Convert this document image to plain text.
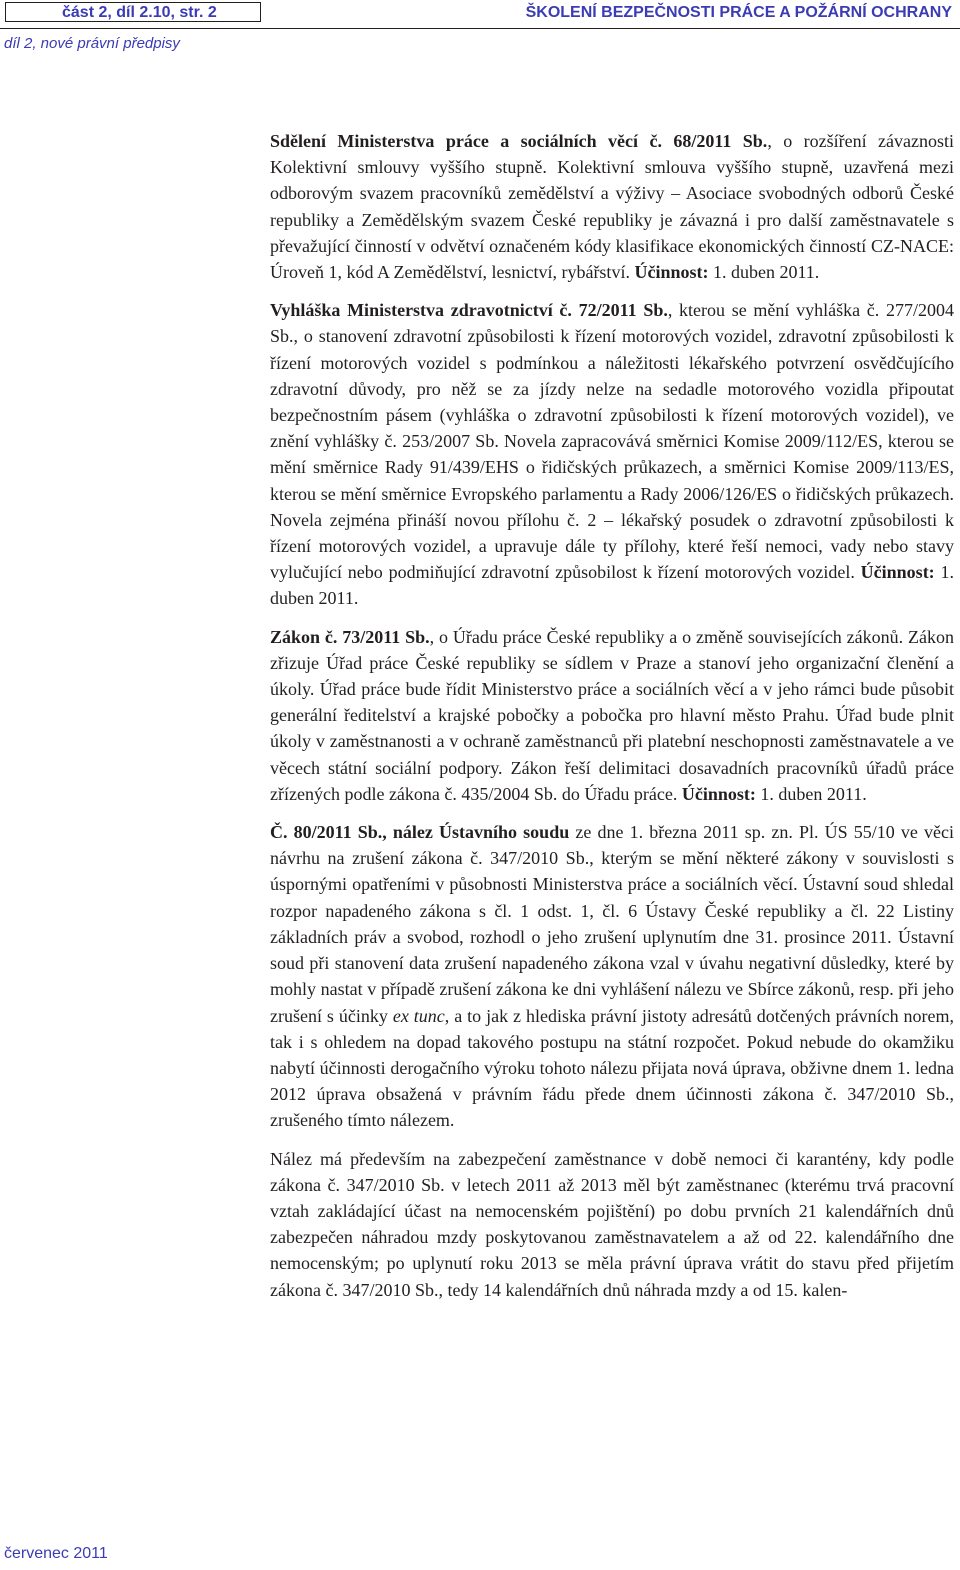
část 2, díl 2.10, str. 2	ŠKOLENÍ BEZPEČNOSTI PRÁCE A POŽÁRNÍ OCHRANY
díl 2, nové právní předpisy

Sdělení Ministerstva práce a sociálních věcí č. 68/2011 Sb., o rozšíření závaznosti Kolektivní smlouvy vyššího stupně. Kolektivní smlouva vyššího stupně, uzavřená mezi odborovým svazem pracovníků zemědělství a výživy – Asociace svobodných odborů České republiky a Zemědělským svazem České republiky je závazná i pro další zaměstnavatele s převažující činností v odvětví označeném kódy klasifikace ekonomických činností CZ-NACE: Úroveň 1, kód A Zemědělství, lesnictví, rybářství. Účinnost: 1. duben 2011.

Vyhláška Ministerstva zdravotnictví č. 72/2011 Sb., kterou se mění vyhláška č. 277/2004 Sb., o stanovení zdravotní způsobilosti k řízení motorových vozidel, zdravotní způsobilosti k řízení motorových vozidel s podmínkou a náležitosti lékařského potvrzení osvědčujícího zdravotní důvody, pro něž se za jízdy nelze na sedadle motorového vozidla připoutat bezpečnostním pásem (vyhláška o zdravotní způsobilosti k řízení motorových vozidel), ve znění vyhlášky č. 253/2007 Sb. Novela zapracovává směrnici Komise 2009/112/ES, kterou se mění směrnice Rady 91/439/EHS o řidičských průkazech, a směrnici Komise 2009/113/ES, kterou se mění směrnice Evropského parlamentu a Rady 2006/126/ES o řidičských průkazech. Novela zejména přináší novou přílohu č. 2 – lékařský posudek o zdravotní způsobilosti k řízení motorových vozidel, a upravuje dále ty přílohy, které řeší nemoci, vady nebo stavy vylučující nebo podmiňující zdravotní způsobilost k řízení motorových vozidel. Účinnost: 1. duben 2011.

Zákon č. 73/2011 Sb., o Úřadu práce České republiky a o změně souvisejících zákonů. Zákon zřizuje Úřad práce České republiky se sídlem v Praze a stanoví jeho organizační členění a úkoly. Úřad práce bude řídit Ministerstvo práce a sociálních věcí a v jeho rámci bude působit generální ředitelství a krajské pobočky a pobočka pro hlavní město Prahu. Úřad bude plnit úkoly v zaměstnanosti a v ochraně zaměstnanců při platební neschopnosti zaměstnavatele a ve věcech státní sociální podpory. Zákon řeší delimitaci dosavadních pracovníků úřadů práce zřízených podle zákona č. 435/2004 Sb. do Úřadu práce. Účinnost: 1. duben 2011.

Č. 80/2011 Sb., nález Ústavního soudu ze dne 1. března 2011 sp. zn. Pl. ÚS 55/10 ve věci návrhu na zrušení zákona č. 347/2010 Sb., kterým se mění některé zákony v souvislosti s úspornými opatřeními v působnosti Ministerstva práce a sociálních věcí. Ústavní soud shledal rozpor napadeného zákona s čl. 1 odst. 1, čl. 6 Ústavy České republiky a čl. 22 Listiny základních práv a svobod, rozhodl o jeho zrušení uplynutím dne 31. prosince 2011. Ústavní soud při stanovení data zrušení napadeného zákona vzal v úvahu negativní důsledky, které by mohly nastat v případě zrušení zákona ke dni vyhlášení nálezu ve Sbírce zákonů, resp. při jeho zrušení s účinky ex tunc, a to jak z hlediska právní jistoty adresátů dotčených právních norem, tak i s ohledem na dopad takového postupu na státní rozpočet. Pokud nebude do okamžiku nabytí účinnosti derogačního výroku tohoto nálezu přijata nová úprava, obživne dnem 1. ledna 2012 úprava obsažená v právním řádu přede dnem účinnosti zákona č. 347/2010 Sb., zrušeného tímto nálezem.

Nález má především na zabezpečení zaměstnance v době nemoci či karantény, kdy podle zákona č. 347/2010 Sb. v letech 2011 až 2013 měl být zaměstnanec (kterému trvá pracovní vztah zakládající účast na nemocenském pojištění) po dobu prvních 21 kalendářních dnů zabezpečen náhradou mzdy poskytovanou zaměstnavatelem a až od 22. kalendářního dne nemocenským; po uplynutí roku 2013 se měla právní úprava vrátit do stavu před přijetím zákona č. 347/2010 Sb., tedy 14 kalendářních dnů náhrada mzdy a od 15. kalen-

červenec 2011
